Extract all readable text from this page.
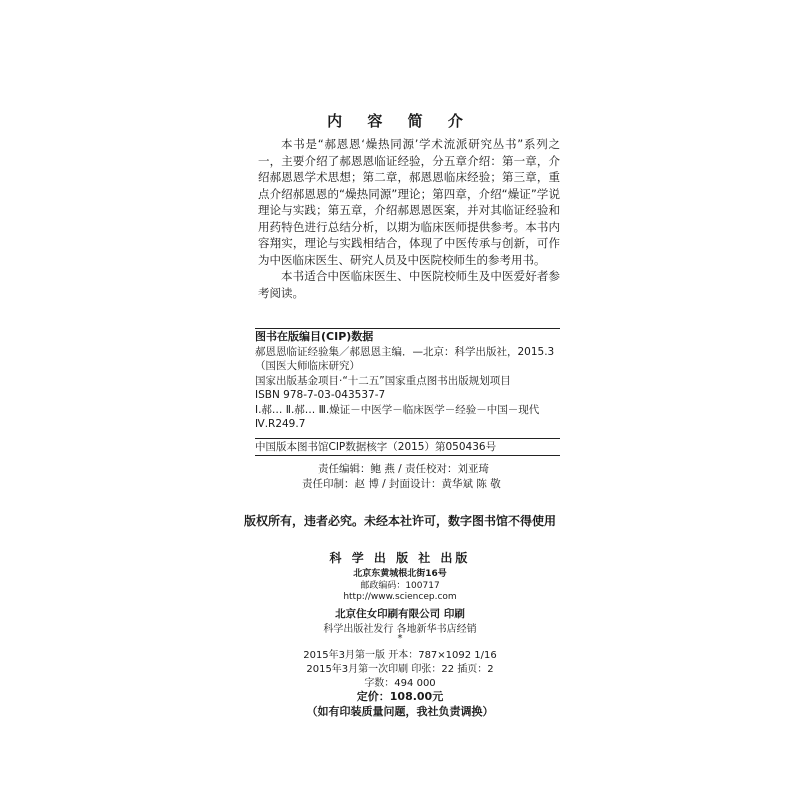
内 容 简 介

本书是“郝恩恩‘燥热同源’学术流派研究丛书”系列之一，主要介绍了郝恩恩临证经验，分五章介绍：第一章，介绍郝恩恩学术思想；第二章，郝恩恩临床经验；第三章，重点介绍郝恩恩的“燥热同源”理论；第四章，介绍“燥证”学说理论与实践；第五章，介绍郝恩恩医案，并对其临证经验和用药特色进行总结分析，以期为临床医师提供参考。本书内容翔实，理论与实践相结合，体现了中医传承与创新，可作为中医临床医生、研究人员及中医院校师生的参考用书。

本书适合中医临床医生、中医院校师生及中医爱好者参考阅读。

图书在版编目(CIP)数据
郝恩恩临证经验集／郝恩恩主编．—北京：科学出版社，2015.3
（国医大师临床研究）
国家出版基金项目·“十二五”国家重点图书出版规划项目
ISBN 978-7-03-043537-7
Ⅰ.郝… Ⅱ.郝… Ⅲ.燥证－中医学－临床医学－经验－中国－现代
Ⅳ.R249.7
中国版本图书馆CIP数据核字（2015）第050436号
责任编辑：鲍 燕 / 责任校对：刘亚琦
责任印制：赵 博 / 封面设计：黄华斌 陈 敬
版权所有，违者必究。未经本社许可，数字图书馆不得使用
科 学 出 版 社 出版
北京东黄城根北街16号
邮政编码：100717
http://www.sciencep.com
北京住女印刷有限公司 印刷
科学出版社发行 各地新华书店经销
*
2015年3月第一版 开本：787×1092 1/16
2015年3月第一次印刷 印张：22 插页：2
字数：494 000
定价：108.00元
（如有印装质量问题，我社负责调换）
